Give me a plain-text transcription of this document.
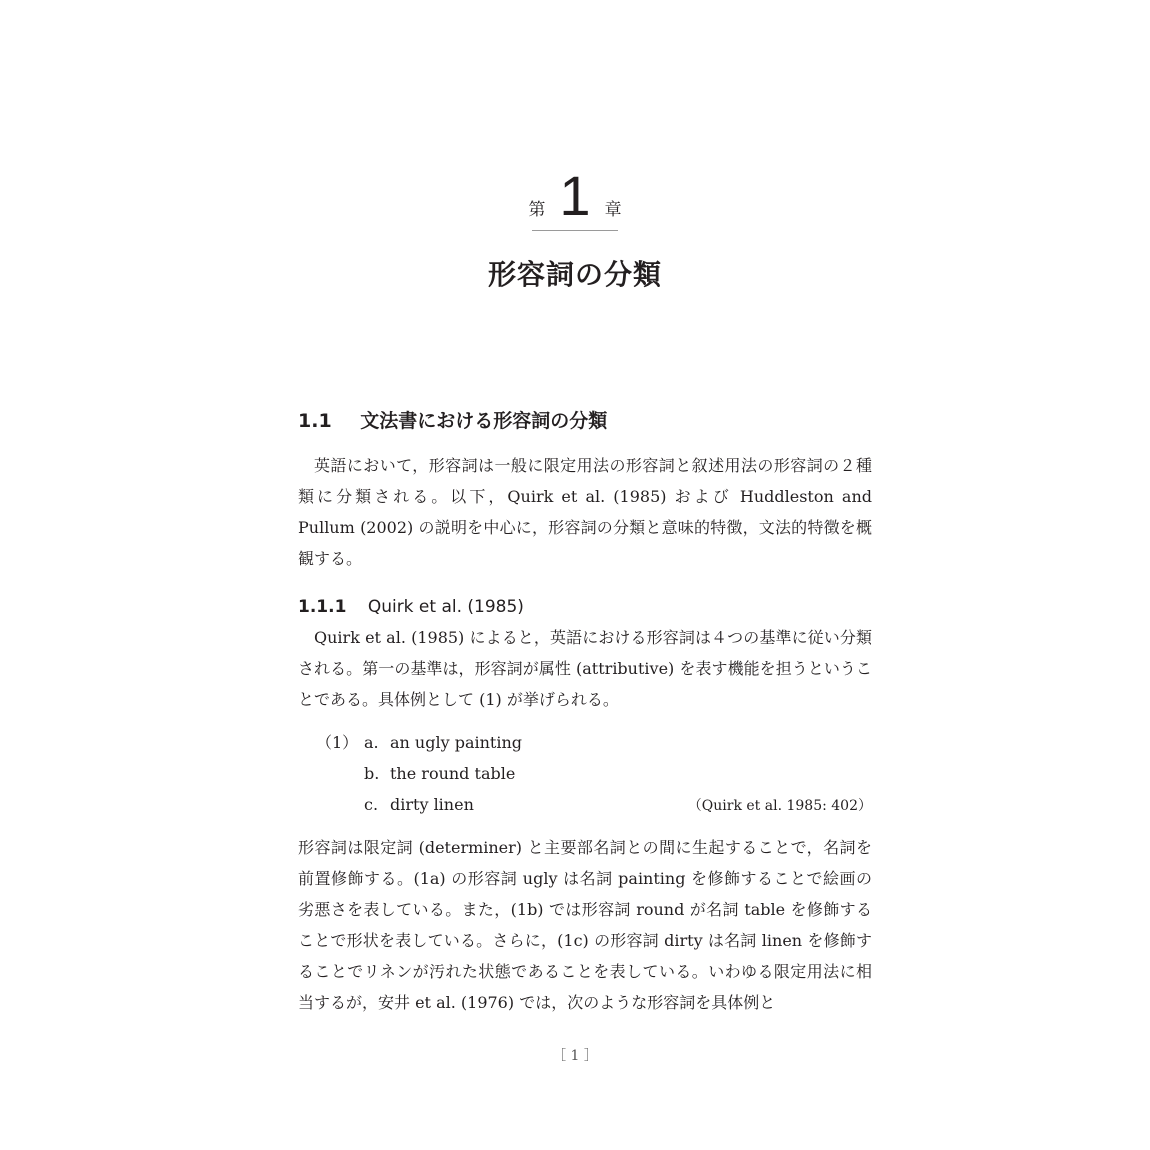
第 1 章
形容詞の分類
1.1 文法書における形容詞の分類

英語において，形容詞は一般に限定用法の形容詞と叙述用法の形容詞の２種類に分類される。以下，Quirk et al. (1985) および Huddleston and Pullum (2002) の説明を中心に，形容詞の分類と意味的特徴，文法的特徴を概観する。

1.1.1 Quirk et al. (1985)

Quirk et al. (1985) によると，英語における形容詞は４つの基準に従い分類される。第一の基準は，形容詞が属性 (attributive) を表す機能を担うということである。具体例として (1) が挙げられる。

（1） a. an ugly painting
b. the round table
c. dirty linen	（Quirk et al. 1985: 402）

形容詞は限定詞 (determiner) と主要部名詞との間に生起することで，名詞を前置修飾する。(1a) の形容詞 ugly は名詞 painting を修飾することで絵画の劣悪さを表している。また，(1b) では形容詞 round が名詞 table を修飾することで形状を表している。さらに，(1c) の形容詞 dirty は名詞 linen を修飾することでリネンが汚れた状態であることを表している。いわゆる限定用法に相当するが，安井 et al. (1976) では，次のような形容詞を具体例と

［ 1 ］
